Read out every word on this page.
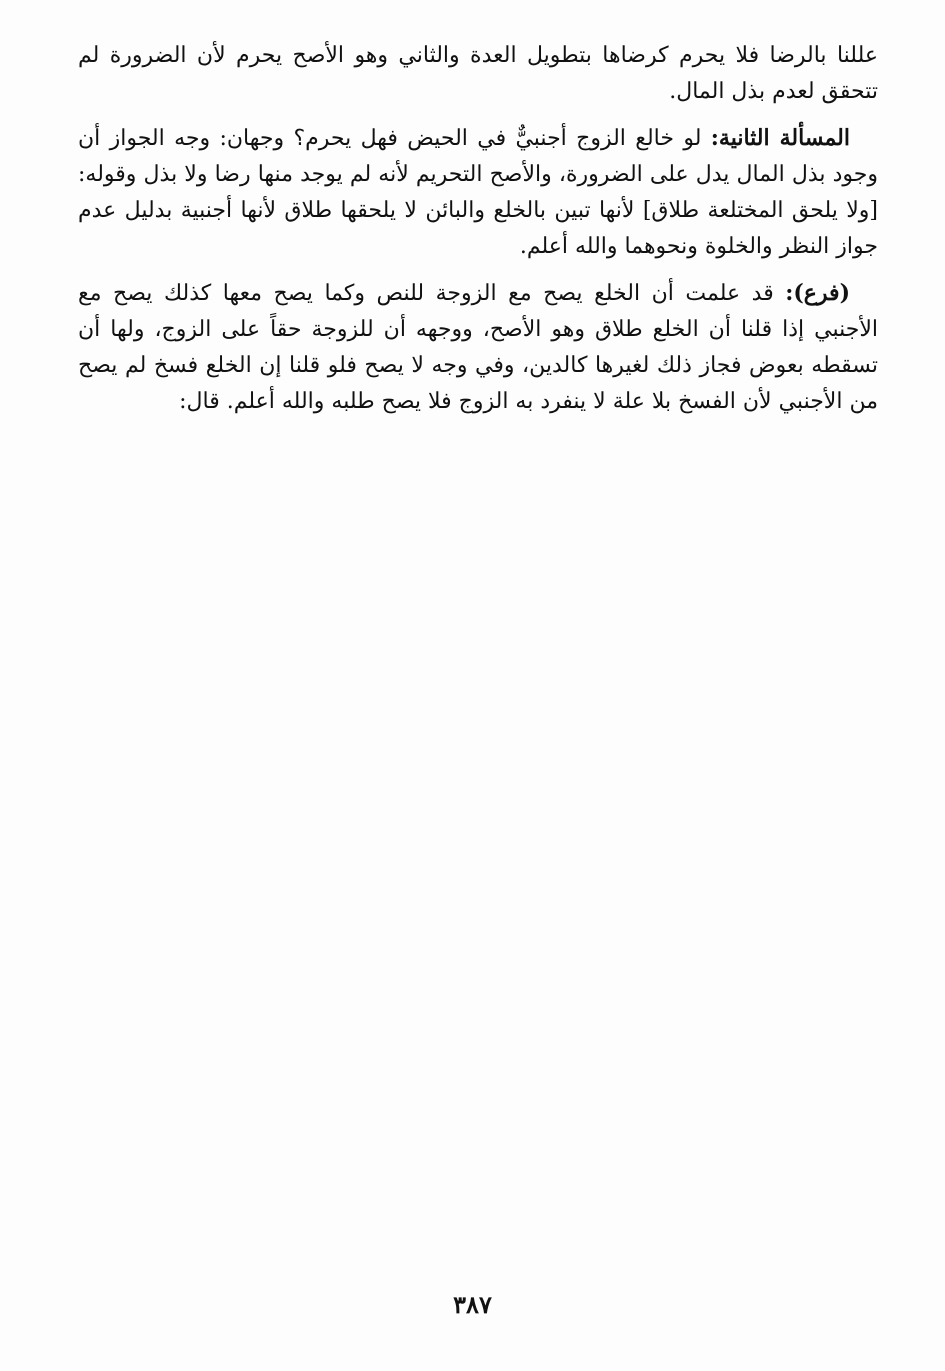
عللنا بالرضا فلا يحرم كرضاها بتطويل العدة والثاني وهو الأصح يحرم لأن الضرورة لم تتحقق لعدم بذل المال.

المسألة الثانية: لو خالع الزوج أجنبيٌّ في الحيض فهل يحرم؟ وجهان: وجه الجواز أن وجود بذل المال يدل على الضرورة، والأصح التحريم لأنه لم يوجد منها رضا ولا بذل وقوله: [ولا يلحق المختلعة طلاق] لأنها تبين بالخلع والبائن لا يلحقها طلاق لأنها أجنبية بدليل عدم جواز النظر والخلوة ونحوهما والله أعلم.

(فرع): قد علمت أن الخلع يصح مع الزوجة للنص وكما يصح معها كذلك يصح مع الأجنبي إذا قلنا أن الخلع طلاق وهو الأصح، ووجهه أن للزوجة حقاً على الزوج، ولها أن تسقطه بعوض فجاز ذلك لغيرها كالدين، وفي وجه لا يصح فلو قلنا إن الخلع فسخ لم يصح من الأجنبي لأن الفسخ بلا علة لا ينفرد به الزوج فلا يصح طلبه والله أعلم. قال:

٣٨٧
